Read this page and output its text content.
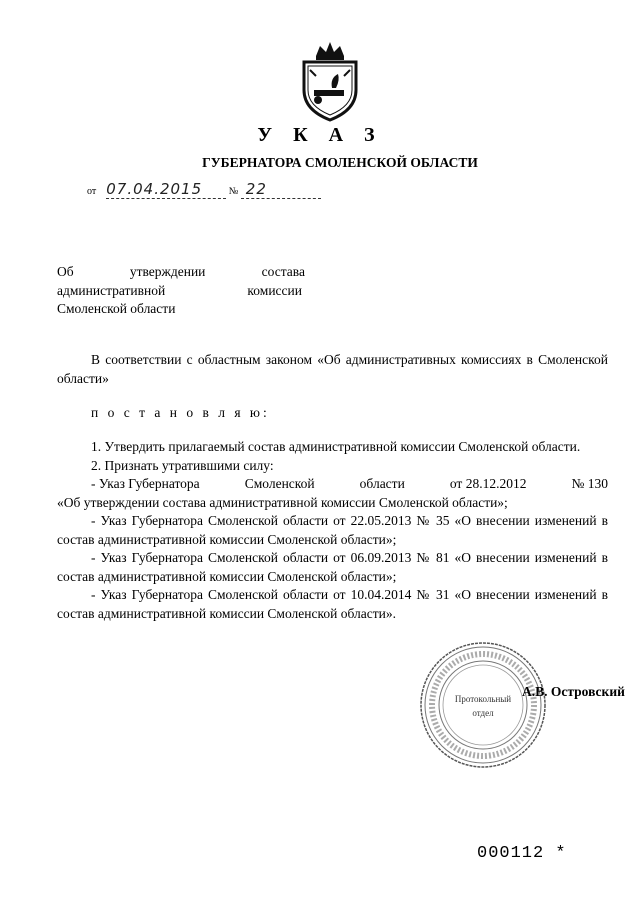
У К А З
ГУБЕРНАТОРА СМОЛЕНСКОЙ ОБЛАСТИ
от 07.04.2015	№ 22
Об	утверждении	состава
административной	комиссии
Смоленской области
В соответствии с областным законом «Об административных комиссиях в Смоленской области»
п о с т а н о в л я ю:
1. Утвердить прилагаемый состав административной комиссии Смоленской области.
2. Признать утратившими силу:
- Указ Губернатора	Смоленской	области	от 28.12.2012	№ 130
«Об утверждении состава административной комиссии Смоленской области»;
- Указ Губернатора Смоленской области от 22.05.2013 № 35 «О внесении изменений в состав административной комиссии Смоленской области»;
- Указ Губернатора Смоленской области от 06.09.2013 № 81 «О внесении изменений в состав административной комиссии Смоленской области»;
- Указ Губернатора Смоленской области от 10.04.2014 № 31 «О внесении изменений в состав административной комиссии Смоленской области».
Протокольный
отдел
А.В. Островский
000112 *
